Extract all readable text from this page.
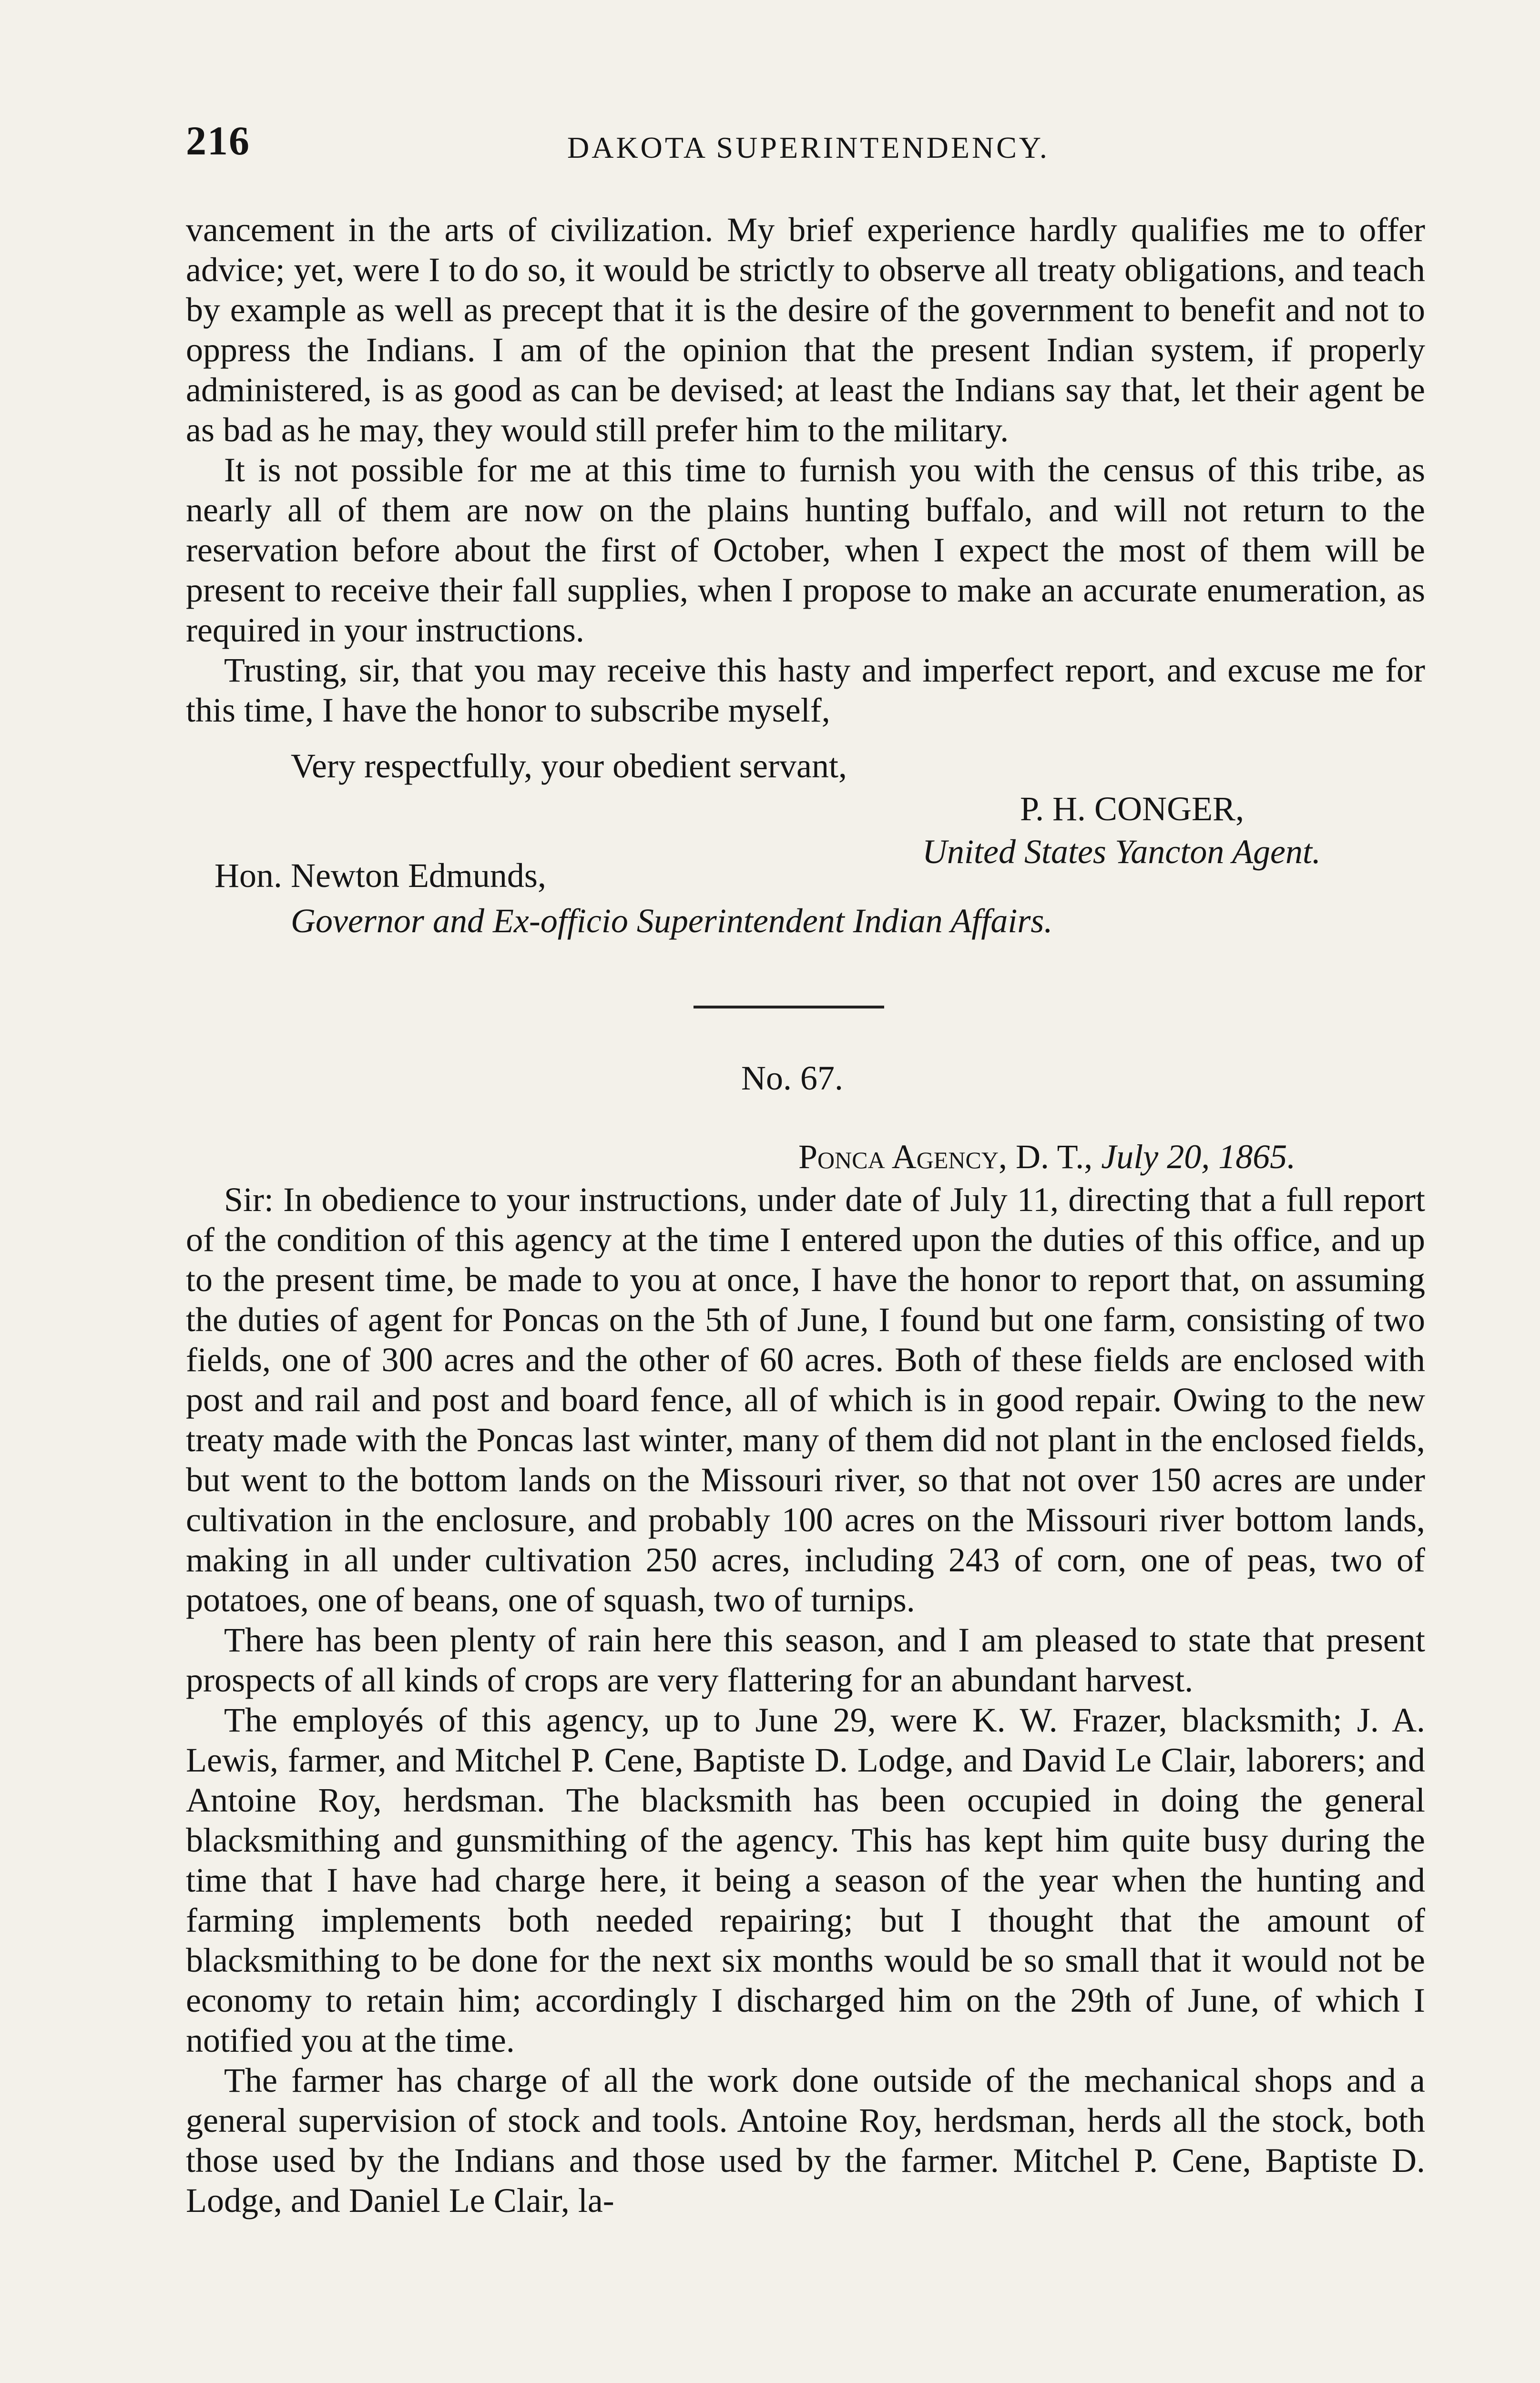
216	DAKOTA SUPERINTENDENCY.

vancement in the arts of civilization. My brief experience hardly qualifies me to offer advice; yet, were I to do so, it would be strictly to observe all treaty obligations, and teach by example as well as precept that it is the desire of the government to benefit and not to oppress the Indians. I am of the opinion that the present Indian system, if properly administered, is as good as can be devised; at least the Indians say that, let their agent be as bad as he may, they would still prefer him to the military.

It is not possible for me at this time to furnish you with the census of this tribe, as nearly all of them are now on the plains hunting buffalo, and will not return to the reservation before about the first of October, when I expect the most of them will be present to receive their fall supplies, when I propose to make an accurate enumeration, as required in your instructions.

Trusting, sir, that you may receive this hasty and imperfect report, and excuse me for this time, I have the honor to subscribe myself,

Very respectfully, your obedient servant,
P. H. CONGER,
United States Yancton Agent.
Hon. Newton Edmunds,
Governor and Ex-officio Superintendent Indian Affairs.
No. 67.
Ponca Agency, D. T., July 20, 1865.

Sir: In obedience to your instructions, under date of July 11, directing that a full report of the condition of this agency at the time I entered upon the duties of this office, and up to the present time, be made to you at once, I have the honor to report that, on assuming the duties of agent for Poncas on the 5th of June, I found but one farm, consisting of two fields, one of 300 acres and the other of 60 acres. Both of these fields are enclosed with post and rail and post and board fence, all of which is in good repair. Owing to the new treaty made with the Poncas last winter, many of them did not plant in the enclosed fields, but went to the bottom lands on the Missouri river, so that not over 150 acres are under cultivation in the enclosure, and probably 100 acres on the Missouri river bottom lands, making in all under cultivation 250 acres, including 243 of corn, one of peas, two of potatoes, one of beans, one of squash, two of turnips.

There has been plenty of rain here this season, and I am pleased to state that present prospects of all kinds of crops are very flattering for an abundant harvest.

The employés of this agency, up to June 29, were K. W. Frazer, blacksmith; J. A. Lewis, farmer, and Mitchel P. Cene, Baptiste D. Lodge, and David Le Clair, laborers; and Antoine Roy, herdsman. The blacksmith has been occupied in doing the general blacksmithing and gunsmithing of the agency. This has kept him quite busy during the time that I have had charge here, it being a season of the year when the hunting and farming implements both needed repairing; but I thought that the amount of blacksmithing to be done for the next six months would be so small that it would not be economy to retain him; accordingly I discharged him on the 29th of June, of which I notified you at the time.

The farmer has charge of all the work done outside of the mechanical shops and a general supervision of stock and tools. Antoine Roy, herdsman, herds all the stock, both those used by the Indians and those used by the farmer. Mitchel P. Cene, Baptiste D. Lodge, and Daniel Le Clair, la-
